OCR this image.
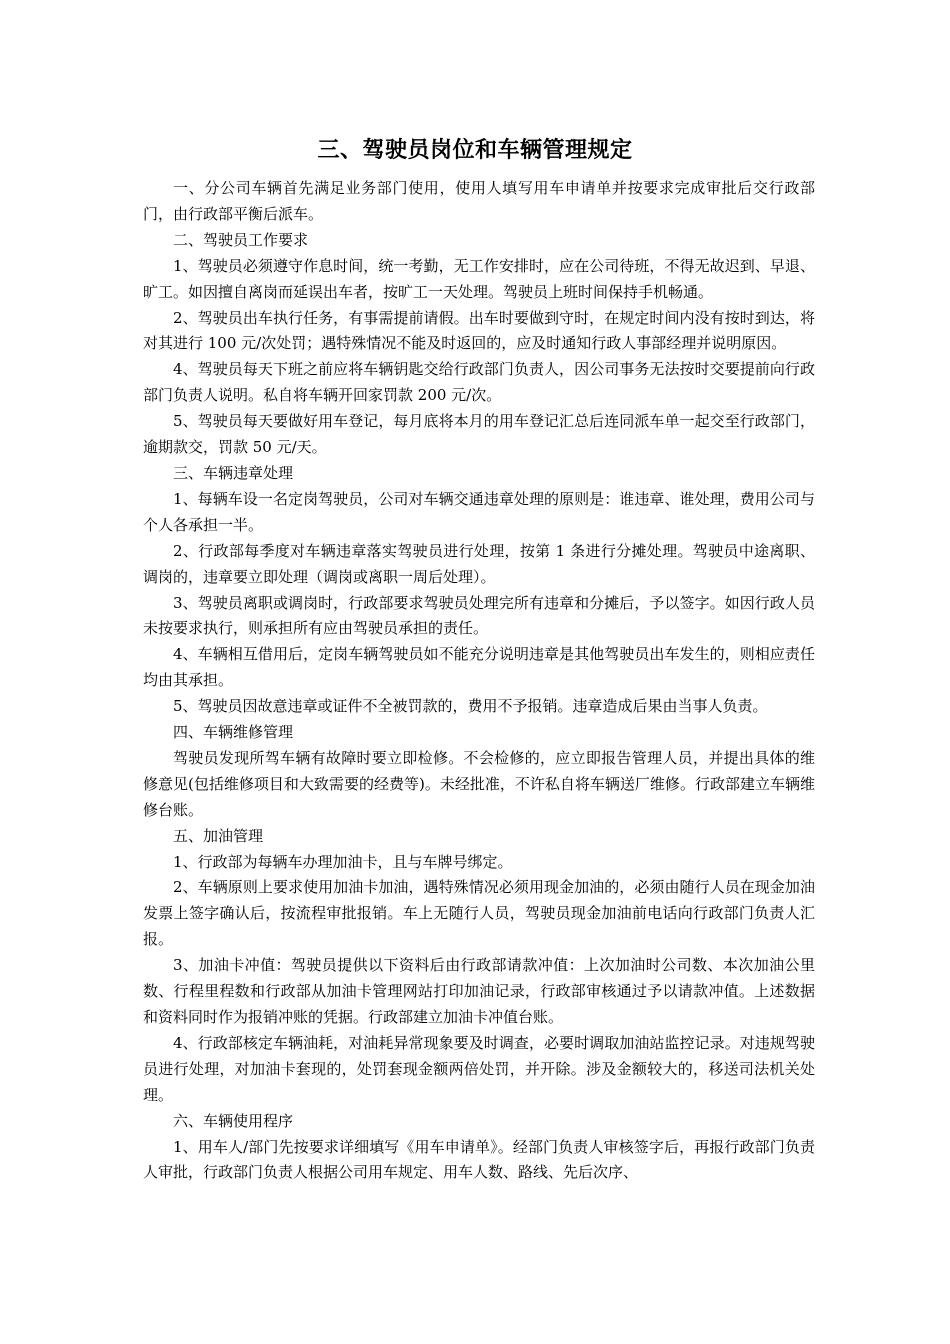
三、驾驶员岗位和车辆管理规定

一、分公司车辆首先满足业务部门使用，使用人填写用车申请单并按要求完成审批后交行政部门，由行政部平衡后派车。

二、驾驶员工作要求

1、驾驶员必须遵守作息时间，统一考勤，无工作安排时，应在公司待班，不得无故迟到、早退、旷工。如因擅自离岗而延误出车者，按旷工一天处理。驾驶员上班时间保持手机畅通。

2、驾驶员出车执行任务，有事需提前请假。出车时要做到守时，在规定时间内没有按时到达，将对其进行 100 元/次处罚；遇特殊情况不能及时返回的，应及时通知行政人事部经理并说明原因。

4、驾驶员每天下班之前应将车辆钥匙交给行政部门负责人，因公司事务无法按时交要提前向行政部门负责人说明。私自将车辆开回家罚款 200 元/次。

5、驾驶员每天要做好用车登记，每月底将本月的用车登记汇总后连同派车单一起交至行政部门，逾期款交，罚款 50 元/天。

三、车辆违章处理

1、每辆车设一名定岗驾驶员，公司对车辆交通违章处理的原则是：谁违章、谁处理，费用公司与个人各承担一半。

2、行政部每季度对车辆违章落实驾驶员进行处理，按第 1 条进行分摊处理。驾驶员中途离职、调岗的，违章要立即处理（调岗或离职一周后处理）。

3、驾驶员离职或调岗时，行政部要求驾驶员处理完所有违章和分摊后，予以签字。如因行政人员未按要求执行，则承担所有应由驾驶员承担的责任。

4、车辆相互借用后，定岗车辆驾驶员如不能充分说明违章是其他驾驶员出车发生的，则相应责任均由其承担。

5、驾驶员因故意违章或证件不全被罚款的，费用不予报销。违章造成后果由当事人负责。

四、车辆维修管理

驾驶员发现所驾车辆有故障时要立即检修。不会检修的，应立即报告管理人员，并提出具体的维修意见(包括维修项目和大致需要的经费等)。未经批准，不许私自将车辆送厂维修。行政部建立车辆维修台账。

五、加油管理

1、行政部为每辆车办理加油卡，且与车牌号绑定。

2、车辆原则上要求使用加油卡加油，遇特殊情况必须用现金加油的，必须由随行人员在现金加油发票上签字确认后，按流程审批报销。车上无随行人员，驾驶员现金加油前电话向行政部门负责人汇报。

3、加油卡冲值：驾驶员提供以下资料后由行政部请款冲值：上次加油时公司数、本次加油公里数、行程里程数和行政部从加油卡管理网站打印加油记录，行政部审核通过予以请款冲值。上述数据和资料同时作为报销冲账的凭据。行政部建立加油卡冲值台账。

4、行政部核定车辆油耗，对油耗异常现象要及时调查，必要时调取加油站监控记录。对违规驾驶员进行处理，对加油卡套现的，处罚套现金额两倍处罚，并开除。涉及金额较大的，移送司法机关处理。

六、车辆使用程序

1、用车人/部门先按要求详细填写《用车申请单》。经部门负责人审核签字后，再报行政部门负责人审批，行政部门负责人根据公司用车规定、用车人数、路线、先后次序、
